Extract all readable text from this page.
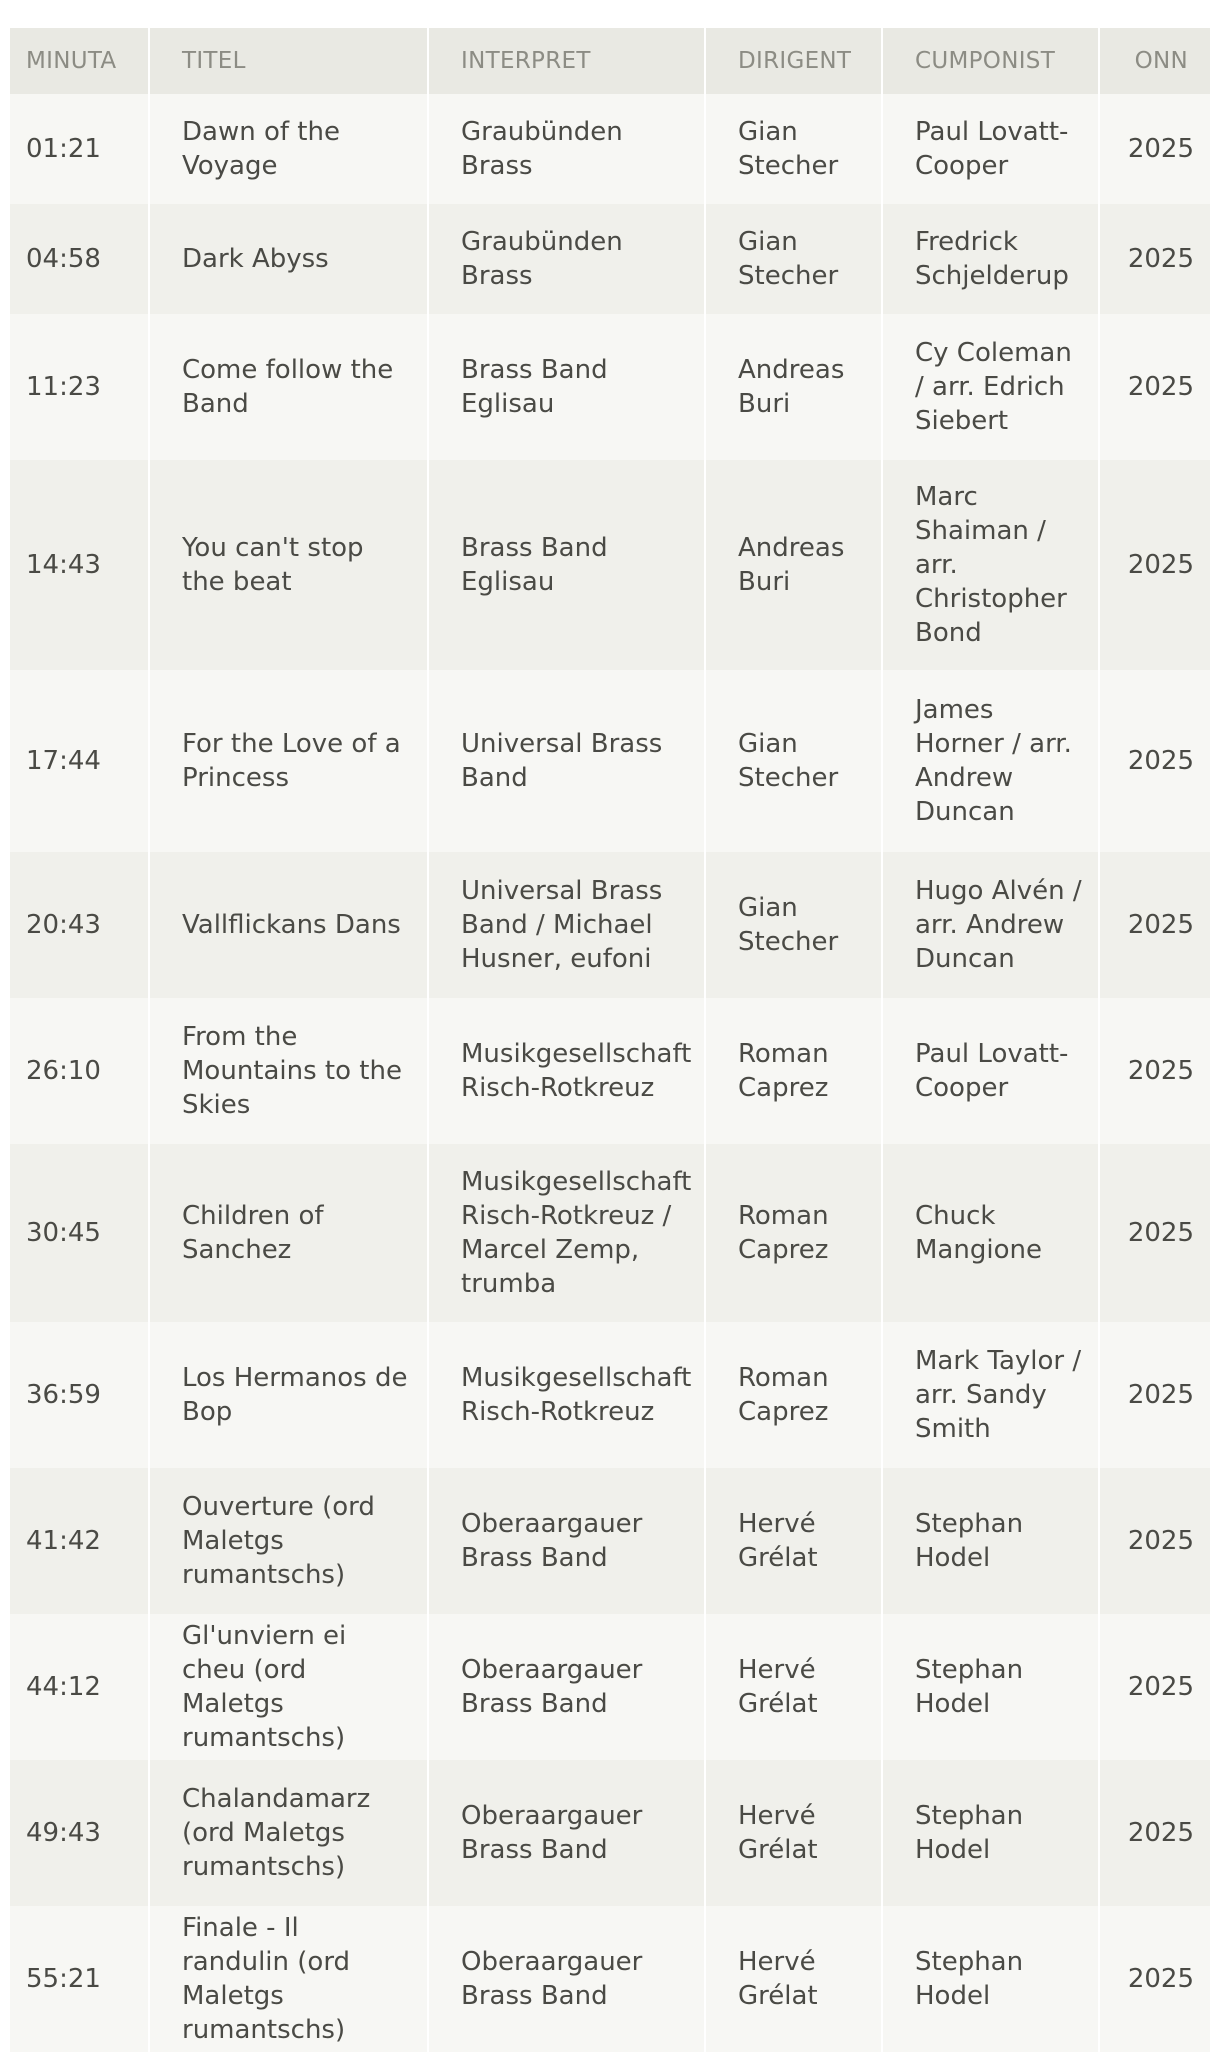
MINUTA	TITEL	INTERPRET	DIRIGENT	CUMPONIST	ONN
01:21	Dawn of the Voyage	Graubünden Brass	Gian Stecher	Paul Lovatt-Cooper	2025
04:58	Dark Abyss	Graubünden Brass	Gian Stecher	Fredrick Schjelderup	2025
11:23	Come follow the Band	Brass Band Eglisau	Andreas Buri	Cy Coleman / arr. Edrich Siebert	2025
14:43	You can't stop the beat	Brass Band Eglisau	Andreas Buri	Marc Shaiman / arr. Christopher Bond	2025
17:44	For the Love of a Princess	Universal Brass Band	Gian Stecher	James Horner / arr. Andrew Duncan	2025
20:43	Vallflickans Dans	Universal Brass Band / Michael Husner, eufoni	Gian Stecher	Hugo Alvén / arr. Andrew Duncan	2025
26:10	From the Mountains to the Skies	Musikgesellschaft Risch-Rotkreuz	Roman Caprez	Paul Lovatt-Cooper	2025
30:45	Children of Sanchez	Musikgesellschaft Risch-Rotkreuz / Marcel Zemp, trumba	Roman Caprez	Chuck Mangione	2025
36:59	Los Hermanos de Bop	Musikgesellschaft Risch-Rotkreuz	Roman Caprez	Mark Taylor / arr. Sandy Smith	2025
41:42	Ouverture (ord Maletgs rumantschs)	Oberaargauer Brass Band	Hervé Grélat	Stephan Hodel	2025
44:12	Gl'unviern ei cheu (ord Maletgs rumantschs)	Oberaargauer Brass Band	Hervé Grélat	Stephan Hodel	2025
49:43	Chalandamarz (ord Maletgs rumantschs)	Oberaargauer Brass Band	Hervé Grélat	Stephan Hodel	2025
55:21	Finale - Il randulin (ord Maletgs rumantschs)	Oberaargauer Brass Band	Hervé Grélat	Stephan Hodel	2025
